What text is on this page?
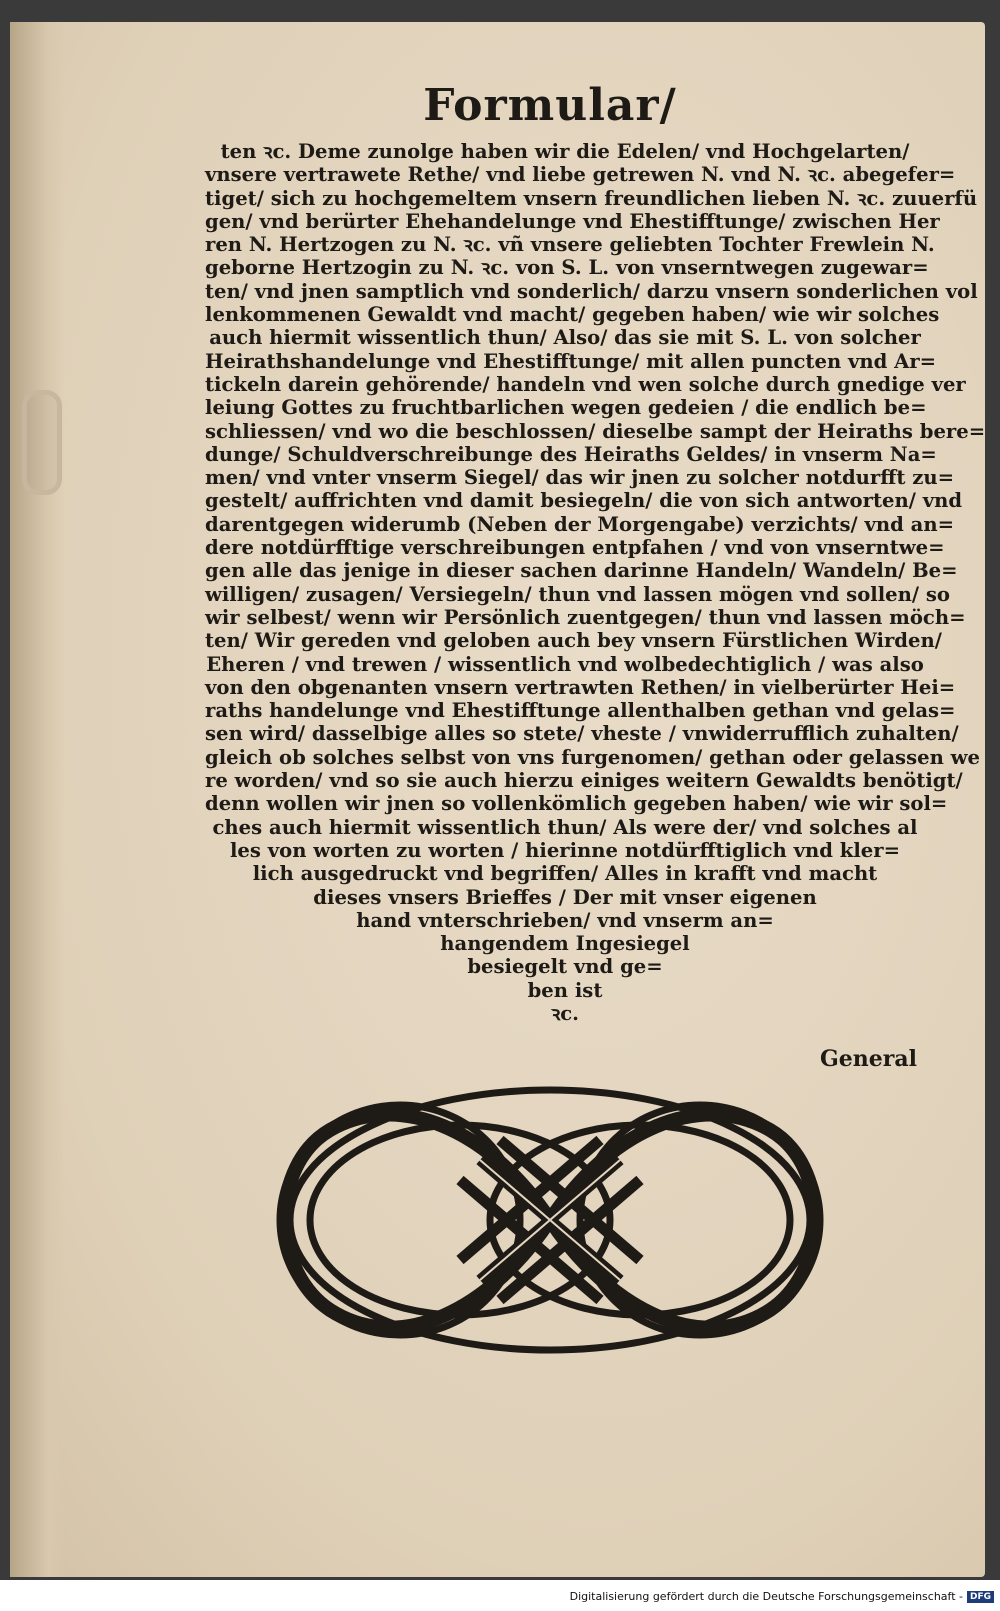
Formular/
ten ꝛc. Deme zunolge haben wir die Edelen/ vnd Hochgelarten/
vnsere vertrawete Rethe/ vnd liebe getrewen N. vnd N. ꝛc. abegefer=
tiget/ sich zu hochgemeltem vnsern freundlichen lieben N. ꝛc. zuuerfü
gen/ vnd berürter Ehehandelunge vnd Ehestifftunge/ zwischen Her
ren N. Hertzogen zu N. ꝛc. vñ vnsere geliebten Tochter Frewlein N.
geborne Hertzogin zu N. ꝛc. von S. L. von vnserntwegen zugewar=
ten/ vnd jnen samptlich vnd sonderlich/ darzu vnsern sonderlichen vol
lenkommenen Gewaldt vnd macht/ gegeben haben/ wie wir solches
auch hiermit wissentlich thun/ Also/ das sie mit S. L. von solcher
Heirathshandelunge vnd Ehestifftunge/ mit allen puncten vnd Ar=
tickeln darein gehörende/ handeln vnd wen solche durch gnedige ver
leiung Gottes zu fruchtbarlichen wegen gedeien / die endlich be=
schliessen/ vnd wo die beschlossen/ dieselbe sampt der Heiraths bere=
dunge/ Schuldverschreibunge des Heiraths Geldes/ in vnserm Na=
men/ vnd vnter vnserm Siegel/ das wir jnen zu solcher notdurfft zu=
gestelt/ auffrichten vnd damit besiegeln/ die von sich antworten/ vnd
darentgegen widerumb (Neben der Morgengabe) verzichts/ vnd an=
dere notdürfftige verschreibungen entpfahen / vnd von vnserntwe=
gen alle das jenige in dieser sachen darinne Handeln/ Wandeln/ Be=
willigen/ zusagen/ Versiegeln/ thun vnd lassen mögen vnd sollen/ so
wir selbest/ wenn wir Persönlich zuentgegen/ thun vnd lassen möch=
ten/ Wir gereden vnd geloben auch bey vnsern Fürstlichen Wirden/
Eheren / vnd trewen / wissentlich vnd wolbedechtiglich / was also
von den obgenanten vnsern vertrawten Rethen/ in vielberürter Hei=
raths handelunge vnd Ehestifftunge allenthalben gethan vnd gelas=
sen wird/ dasselbige alles so stete/ vheste / vnwiderrufflich zuhalten/
gleich ob solches selbst von vns furgenomen/ gethan oder gelassen we
re worden/ vnd so sie auch hierzu einiges weitern Gewaldts benötigt/
denn wollen wir jnen so vollenkömlich gegeben haben/ wie wir sol=
ches auch hiermit wissentlich thun/ Als were der/ vnd solches al
les von worten zu worten / hierinne notdürfftiglich vnd kler=
lich ausgedruckt vnd begriffen/ Alles in krafft vnd macht
dieses vnsers Brieffes / Der mit vnser eigenen
hand vnterschrieben/ vnd vnserm an=
hangendem Ingesiegel
besiegelt vnd ge=
ben ist
ꝛc.
General
Digitalisierung gefördert durch die Deutsche Forschungsgemeinschaft - DFG
